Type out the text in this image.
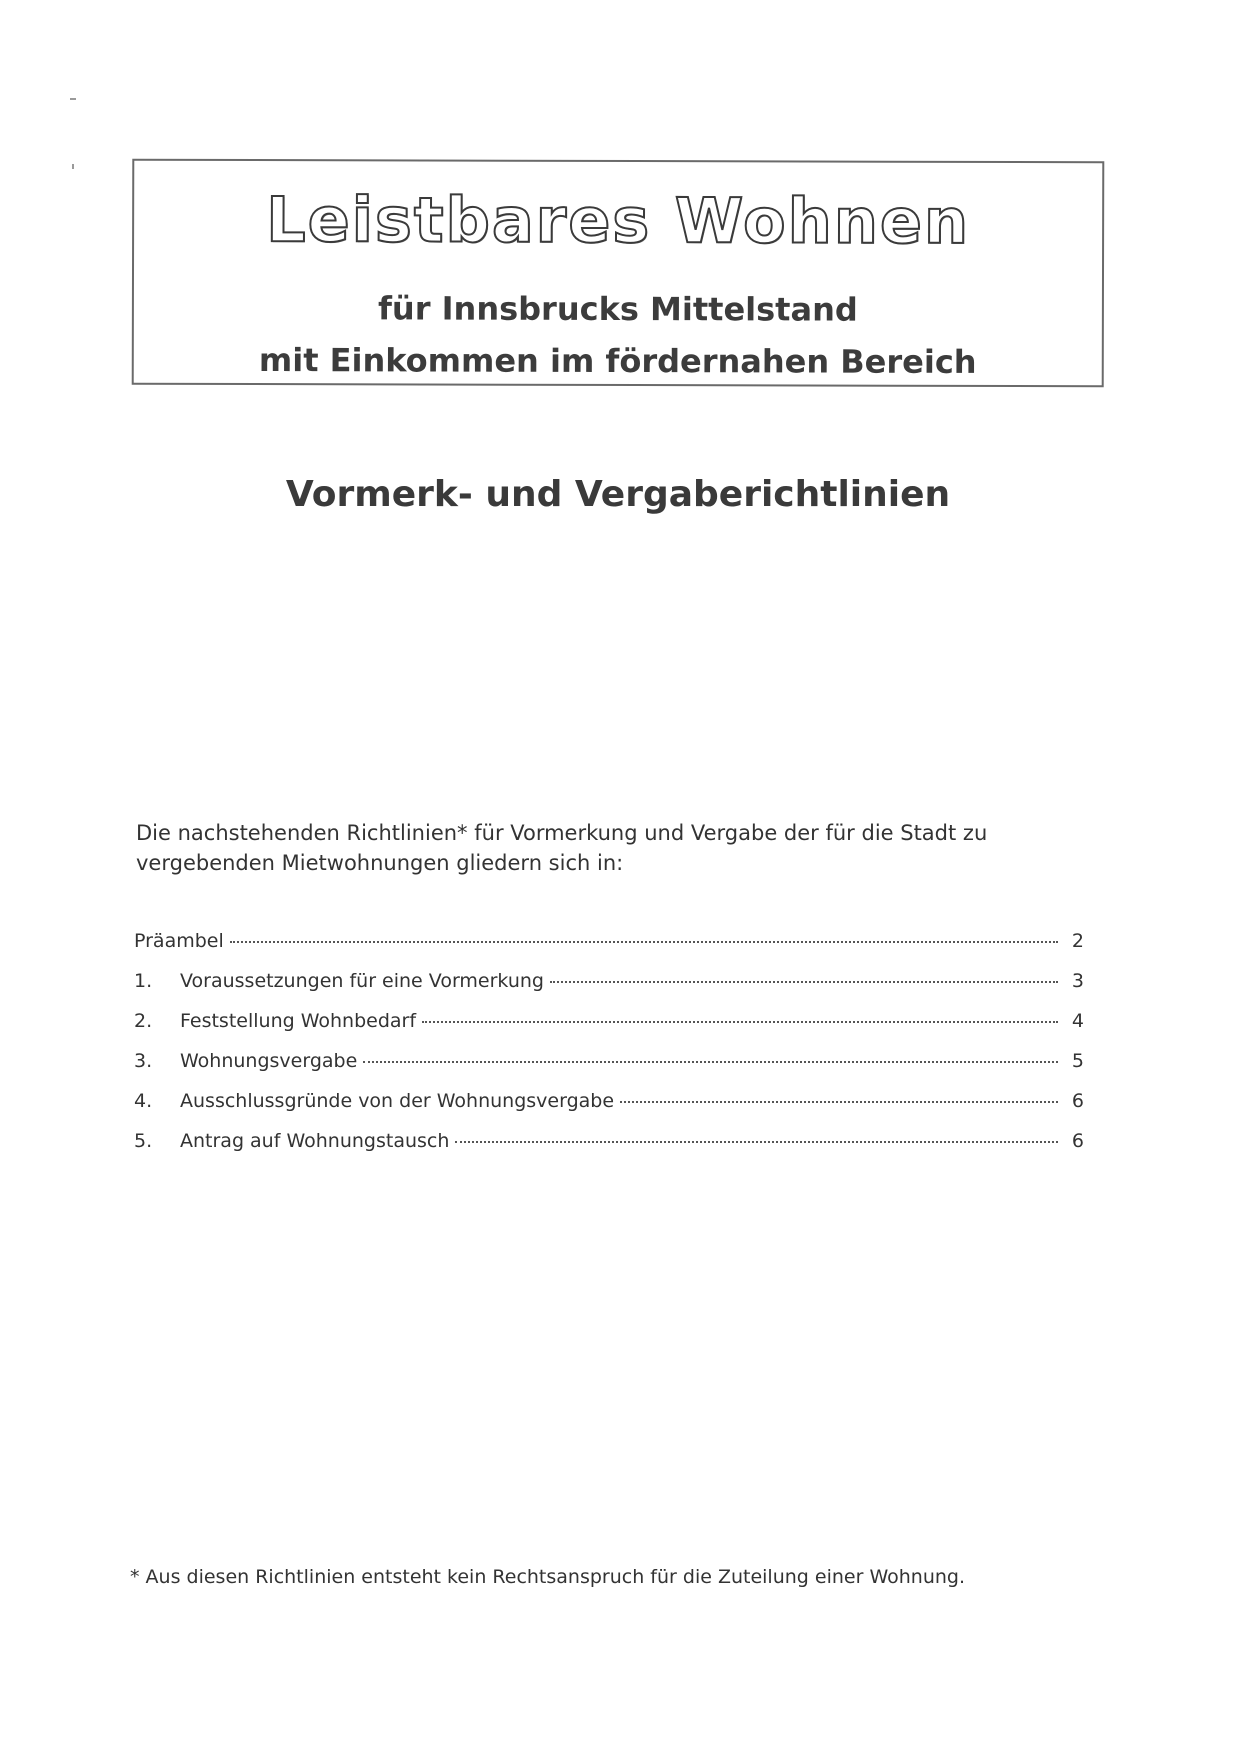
Leistbares Wohnen
für Innsbrucks Mittelstand
mit Einkommen im fördernahen Bereich
Vormerk- und Vergaberichtlinien
Die nachstehenden Richtlinien* für Vormerkung und Vergabe der für die Stadt zu
vergebenden Mietwohnungen gliedern sich in:
Präambel	2
1.	Voraussetzungen für eine Vormerkung	3
2.	Feststellung Wohnbedarf	4
3.	Wohnungsvergabe	5
4.	Ausschlussgründe von der Wohnungsvergabe	6
5.	Antrag auf Wohnungstausch	6
* Aus diesen Richtlinien entsteht kein Rechtsanspruch für die Zuteilung einer Wohnung.
